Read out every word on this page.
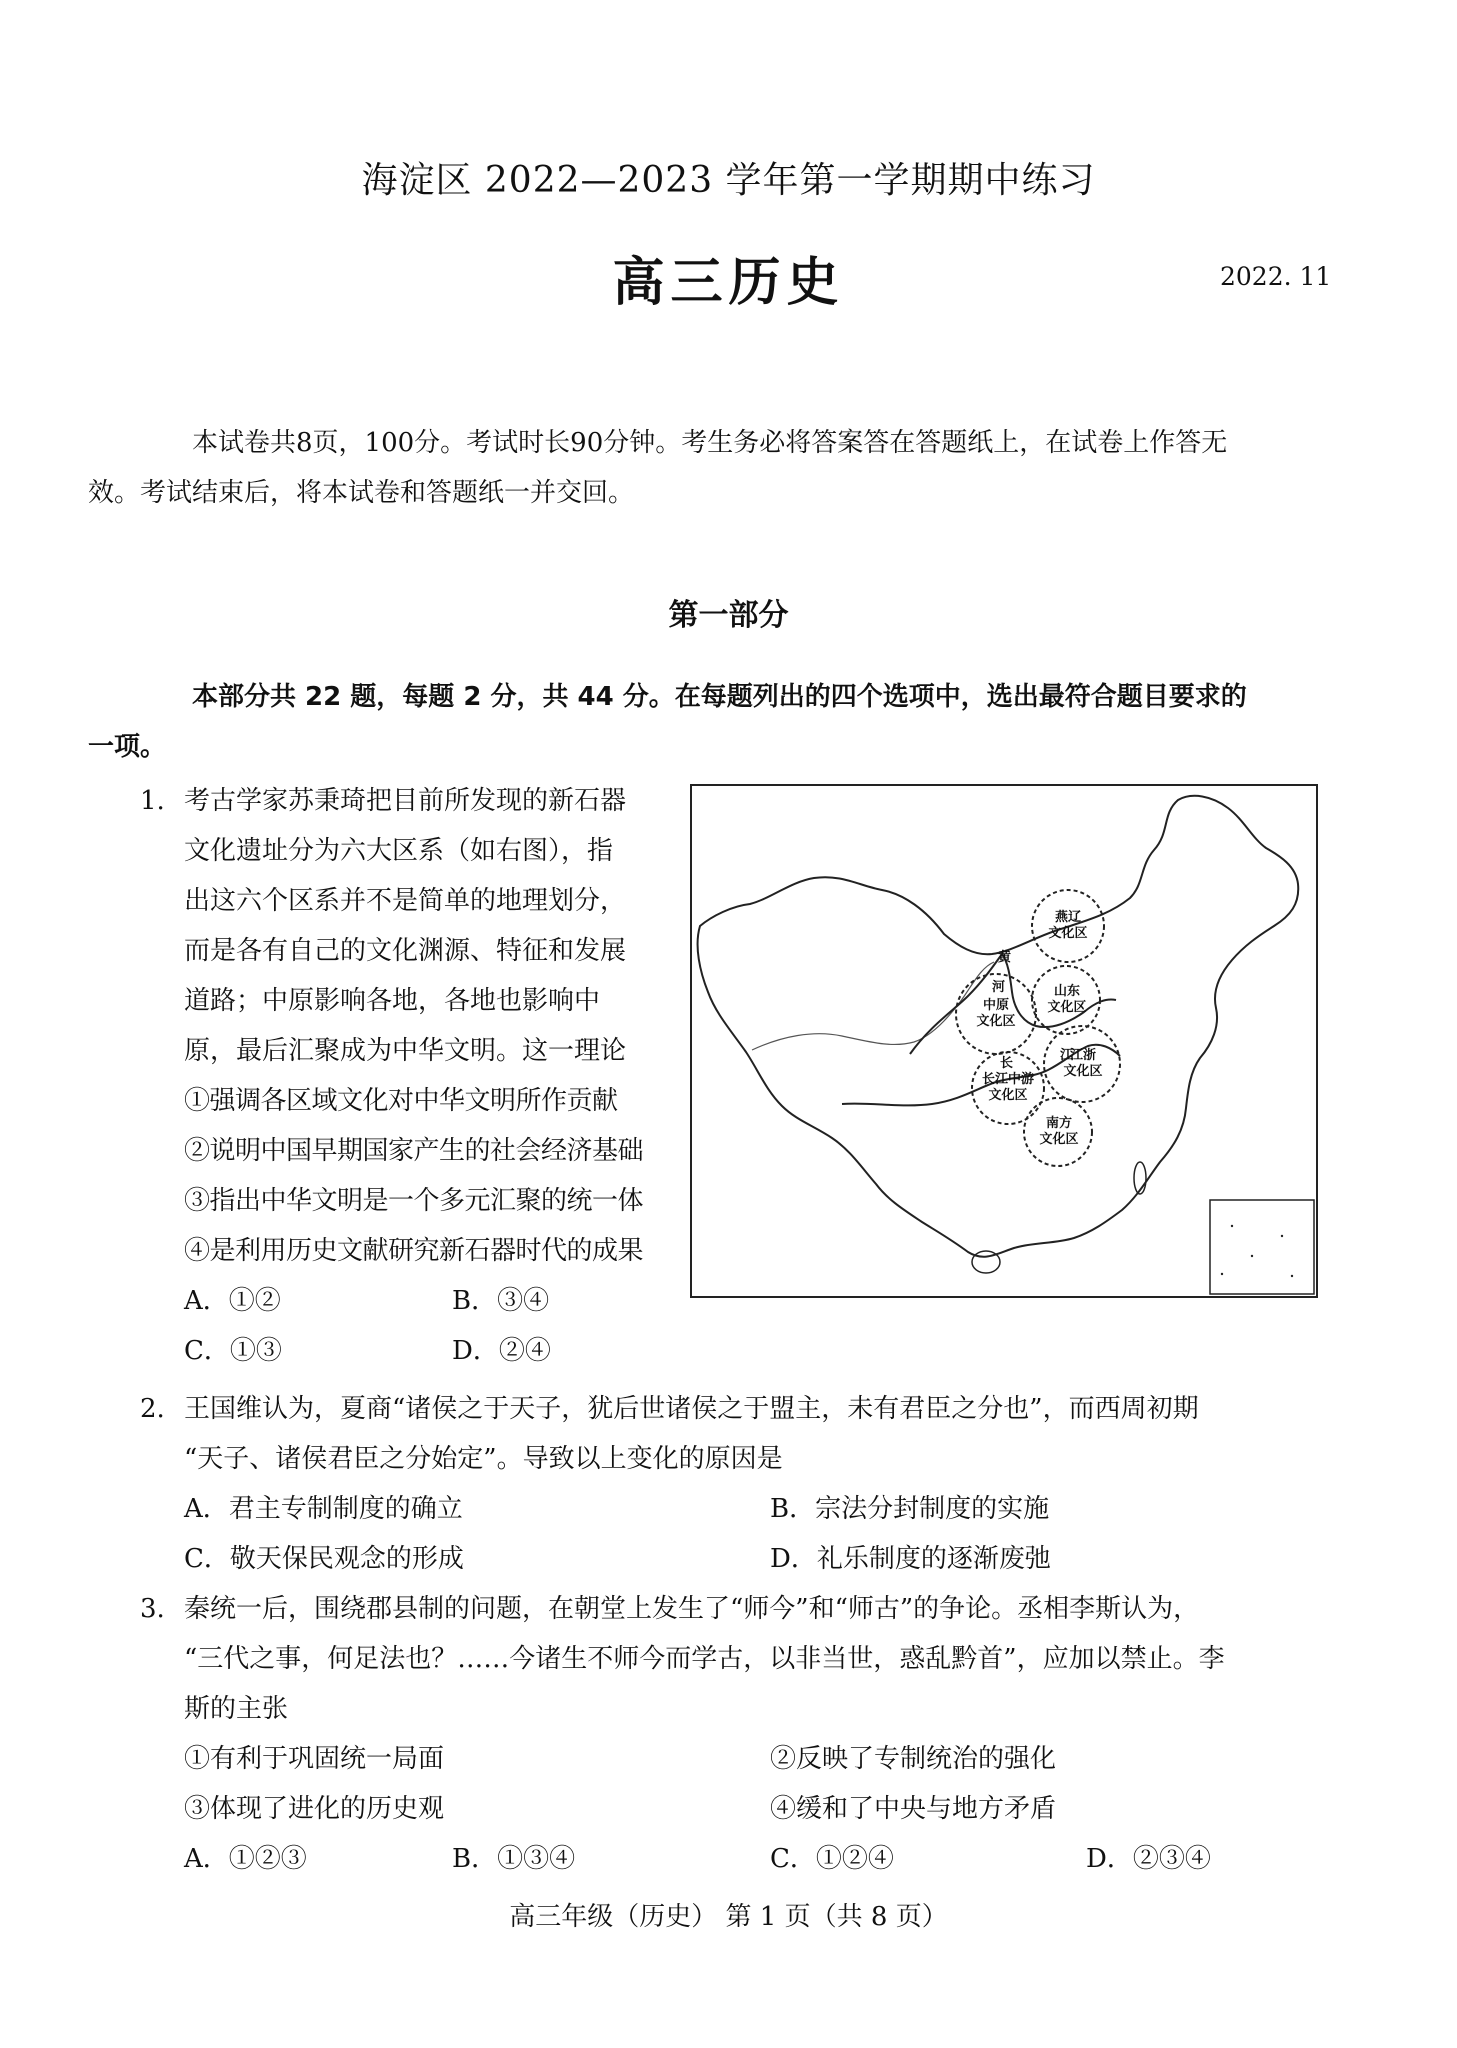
海淀区 2022—2023 学年第一学期期中练习
高三历史	2022. 11
本试卷共8页，100分。考试时长90分钟。考生务必将答案答在答题纸上，在试卷上作答无
效。考试结束后，将本试卷和答题纸一并交回。
第一部分
本部分共 22 题，每题 2 分，共 44 分。在每题列出的四个选项中，选出最符合题目要求的
一项。
1. 考古学家苏秉琦把目前所发现的新石器
文化遗址分为六大区系（如右图），指
出这六个区系并不是简单的地理划分，
而是各有自己的文化渊源、特征和发展
道路；中原影响各地，各地也影响中
原，最后汇聚成为中华文明。这一理论
①强调各区域文化对中华文明所作贡献
②说明中国早期国家产生的社会经济基础
③指出中华文明是一个多元汇聚的统一体
④是利用历史文献研究新石器时代的成果
A．①②	B．③④
C．①③	D．②④
燕辽
文化区
中原
文化区
山东
文化区
长江中游
文化区
江浙
文化区
南方
文化区
黄
河
长
江
2. 王国维认为，夏商“诸侯之于天子，犹后世诸侯之于盟主，未有君臣之分也”，而西周初期
“天子、诸侯君臣之分始定”。导致以上变化的原因是
A．君主专制制度的确立	B．宗法分封制度的实施
C．敬天保民观念的形成	D．礼乐制度的逐渐废弛
3. 秦统一后，围绕郡县制的问题，在朝堂上发生了“师今”和“师古”的争论。丞相李斯认为，
“三代之事，何足法也？……今诸生不师今而学古，以非当世，惑乱黔首”，应加以禁止。李
斯的主张
①有利于巩固统一局面	②反映了专制统治的强化
③体现了进化的历史观	④缓和了中央与地方矛盾
A．①②③	B．①③④	C．①②④	D．②③④
高三年级（历史） 第 1 页（共 8 页）
